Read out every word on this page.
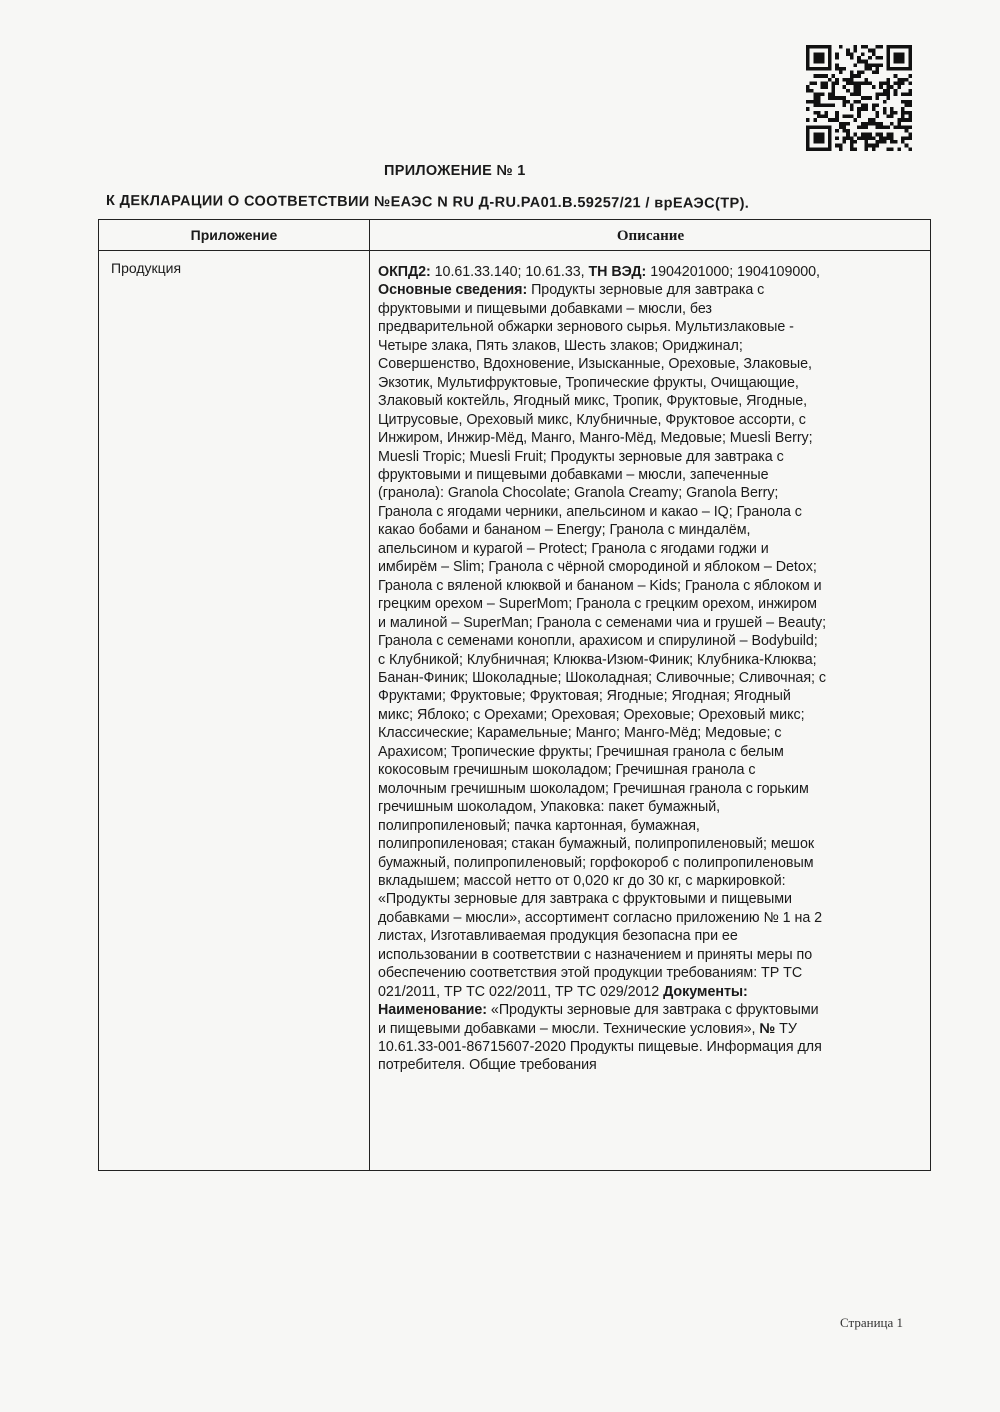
ПРИЛОЖЕНИЕ № 1
К ДЕКЛАРАЦИИ О СООТВЕТСТВИИ №ЕАЭС N RU Д-RU.PA01.B.59257/21 / врЕАЭС(ТР).
Приложение	Описание
Продукция	ОКПД2: 10.61.33.140; 10.61.33, ТН ВЭД: 1904201000; 1904109000,
Основные сведения: Продукты зерновые для завтрака с
фруктовыми и пищевыми добавками – мюсли, без
предварительной обжарки зернового сырья. Мультизлаковые -
Четыре злака, Пять злаков, Шесть злаков; Ориджинал;
Совершенство, Вдохновение, Изысканные, Ореховые, Злаковые,
Экзотик, Мультифруктовые, Тропические фрукты, Очищающие,
Злаковый коктейль, Ягодный микс, Тропик, Фруктовые, Ягодные,
Цитрусовые, Ореховый микс, Клубничные, Фруктовое ассорти, с
Инжиром, Инжир-Мёд, Манго, Манго-Мёд, Медовые; Muesli Berry;
Muesli Tropic; Muesli Fruit; Продукты зерновые для завтрака с
фруктовыми и пищевыми добавками – мюсли, запеченные
(гранола): Granola Chocolate; Granola Creamy; Granola Berry;
Гранола с ягодами черники, апельсином и какао – IQ; Гранола с
какао бобами и бананом – Energy; Гранола с миндалём,
апельсином и курагой – Protect; Гранола с ягодами годжи и
имбирём – Slim; Гранола с чёрной смородиной и яблоком – Detox;
Гранола с вяленой клюквой и бананом – Kids; Гранола с яблоком и
грецким орехом – SuperMom; Гранола с грецким орехом, инжиром
и малиной – SuperMan; Гранола с семенами чиа и грушей – Beauty;
Гранола с семенами конопли, арахисом и спирулиной – Bodybuild;
с Клубникой; Клубничная; Клюква-Изюм-Финик; Клубника-Клюква;
Банан-Финик; Шоколадные; Шоколадная; Сливочные; Сливочная; с
Фруктами; Фруктовые; Фруктовая; Ягодные; Ягодная; Ягодный
микс; Яблоко; с Орехами; Ореховая; Ореховые; Ореховый микс;
Классические; Карамельные; Манго; Манго-Мёд; Медовые; с
Арахисом; Тропические фрукты; Гречишная гранола с белым
кокосовым гречишным шоколадом; Гречишная гранола с
молочным гречишным шоколадом; Гречишная гранола с горьким
гречишным шоколадом, Упаковка: пакет бумажный,
полипропиленовый; пачка картонная, бумажная,
полипропиленовая; стакан бумажный, полипропиленовый; мешок
бумажный, полипропиленовый; горфокороб с полипропиленовым
вкладышем; массой нетто от 0,020 кг до 30 кг, с маркировкой:
«Продукты зерновые для завтрака с фруктовыми и пищевыми
добавками – мюсли», ассортимент согласно приложению № 1 на 2
листах, Изготавливаемая продукция безопасна при ее
использовании в соответствии с назначением и приняты меры по
обеспечению соответствия этой продукции требованиям: ТР ТС
021/2011, ТР ТС 022/2011, ТР ТС 029/2012 Документы:
Наименование: «Продукты зерновые для завтрака с фруктовыми
и пищевыми добавками – мюсли. Технические условия», № ТУ
10.61.33-001-86715607-2020 Продукты пищевые. Информация для
потребителя. Общие требования
Страница 1
